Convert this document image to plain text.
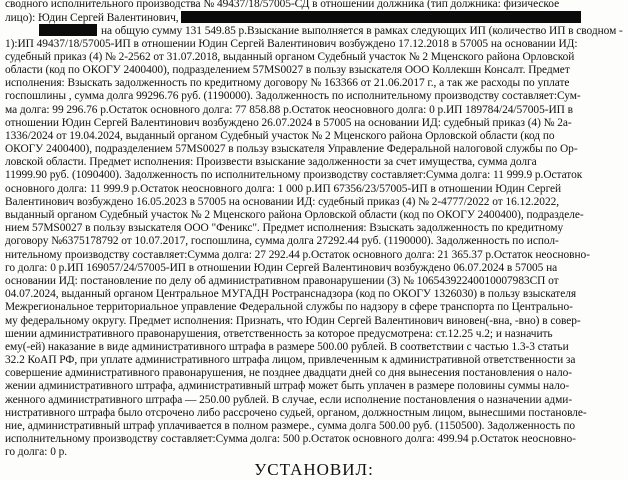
сводного исполнительного производства № 49437/18/57005-СД в отношении должника (тип должника: физическое
лицо): Юдин Сергей Валентинович,
на общую сумму 131 549.85 р.Взыскание выполняется в рамках следующих ИП (количество ИП в сводном -
1):ИП 49437/18/57005-ИП в отношении Юдин Сергей Валентинович возбуждено 17.12.2018 в 57005 на основании ИД:
судебный приказ (4) № 2-2562 от 31.07.2018, выданный органом Судебный участок № 2 Мценского района Орловской
области (код по ОКОГУ 2400400), подразделением 57MS0027 в пользу взыскателя ООО Коллекшн Консалт. Предмет
исполнения: Взыскать задолженность по кредитному договору № 163366 от 21.06.2017 г., а так же расходы по уплате
госпошлины , сумма долга 99296.76 руб. (1190000). Задолженность по исполнительному производству составляет:Сум-
ма долга: 99 296.76 р.Остаток основного долга: 77 858.88 р.Остаток неосновного долга: 0 р.ИП 189784/24/57005-ИП в
отношении Юдин Сергей Валентинович возбуждено 26.07.2024 в 57005 на основании ИД: судебный приказ (4) № 2а-
1336/2024 от 19.04.2024, выданный органом Судебный участок № 2 Мценского района Орловской области (код по
ОКОГУ 2400400), подразделением 57MS0027 в пользу взыскателя Управление Федеральной налоговой службы по Ор-
ловской области. Предмет исполнения: Произвести взыскание задолженности за счет имущества, сумма долга
11999.90 руб. (1090400). Задолженность по исполнительному производству составляет:Сумма долга: 11 999.9 р.Остаток
основного долга: 11 999.9 р.Остаток неосновного долга: 1 000 р.ИП 67356/23/57005-ИП в отношении Юдин Сергей
Валентинович возбуждено 16.05.2023 в 57005 на основании ИД: судебный приказ (4) № 2-4777/2022 от 16.12.2022,
выданный органом Судебный участок № 2 Мценского района Орловской области (код по ОКОГУ 2400400), подразделе-
нием 57MS0027 в пользу взыскателя ООО "Феникс". Предмет исполнения: Взыскать задолженность по кредитному
договору №6375178792 от 10.07.2017, госпошлина, сумма долга 27292.44 руб. (1190000). Задолженность по испол-
нительному производству составляет:Сумма долга: 27 292.44 р.Остаток основного долга: 21 365.37 р.Остаток неосновно-
го долга: 0 р.ИП 169057/24/57005-ИП в отношении Юдин Сергей Валентинович возбуждено 06.07.2024 в 57005 на
основании ИД: постановление по делу об административном правонарушении (3) № 10654392240010007983СП от
04.07.2024, выданный органом Центральное МУГАДН Ространснадзора (код по ОКОГУ 1326030) в пользу взыскателя
Межрегиональное территориальное управление Федеральной службы по надзору в сфере транспорта по Центрально-
му федеральному округу. Предмет исполнения: Признать, что Юдин Сергей Валентинович виновен(-вна, -вно) в совер-
шении административного правонарушения, ответственность за которое предусмотрена: ст.12.25 ч.2; и назначить
ему(-ей) наказание в виде административного штрафа в размере 500.00 рублей. В соответствии с частью 1.3-3 статьи
32.2 КоАП РФ, при уплате административного штрафа лицом, привлеченным к административной ответственности за
совершение административного правонарушения, не позднее двадцати дней со дня вынесения постановления о нало-
жении административного штрафа, административный штраф может быть уплачен в размере половины суммы нало-
женного административного штрафа — 250.00 рублей. В случае, если исполнение постановления о назначении адми-
нистративного штрафа было отсрочено либо рассрочено судьей, органом, должностным лицом, вынесшими постановле-
ние, административный штраф уплачивается в полном размере., сумма долга 500.00 руб. (1150500). Задолженность по
исполнительному производству составляет:Сумма долга: 500 р.Остаток основного долга: 499.94 р.Остаток неосновно-
го долга: 0 р.
УСТАНОВИЛ:
